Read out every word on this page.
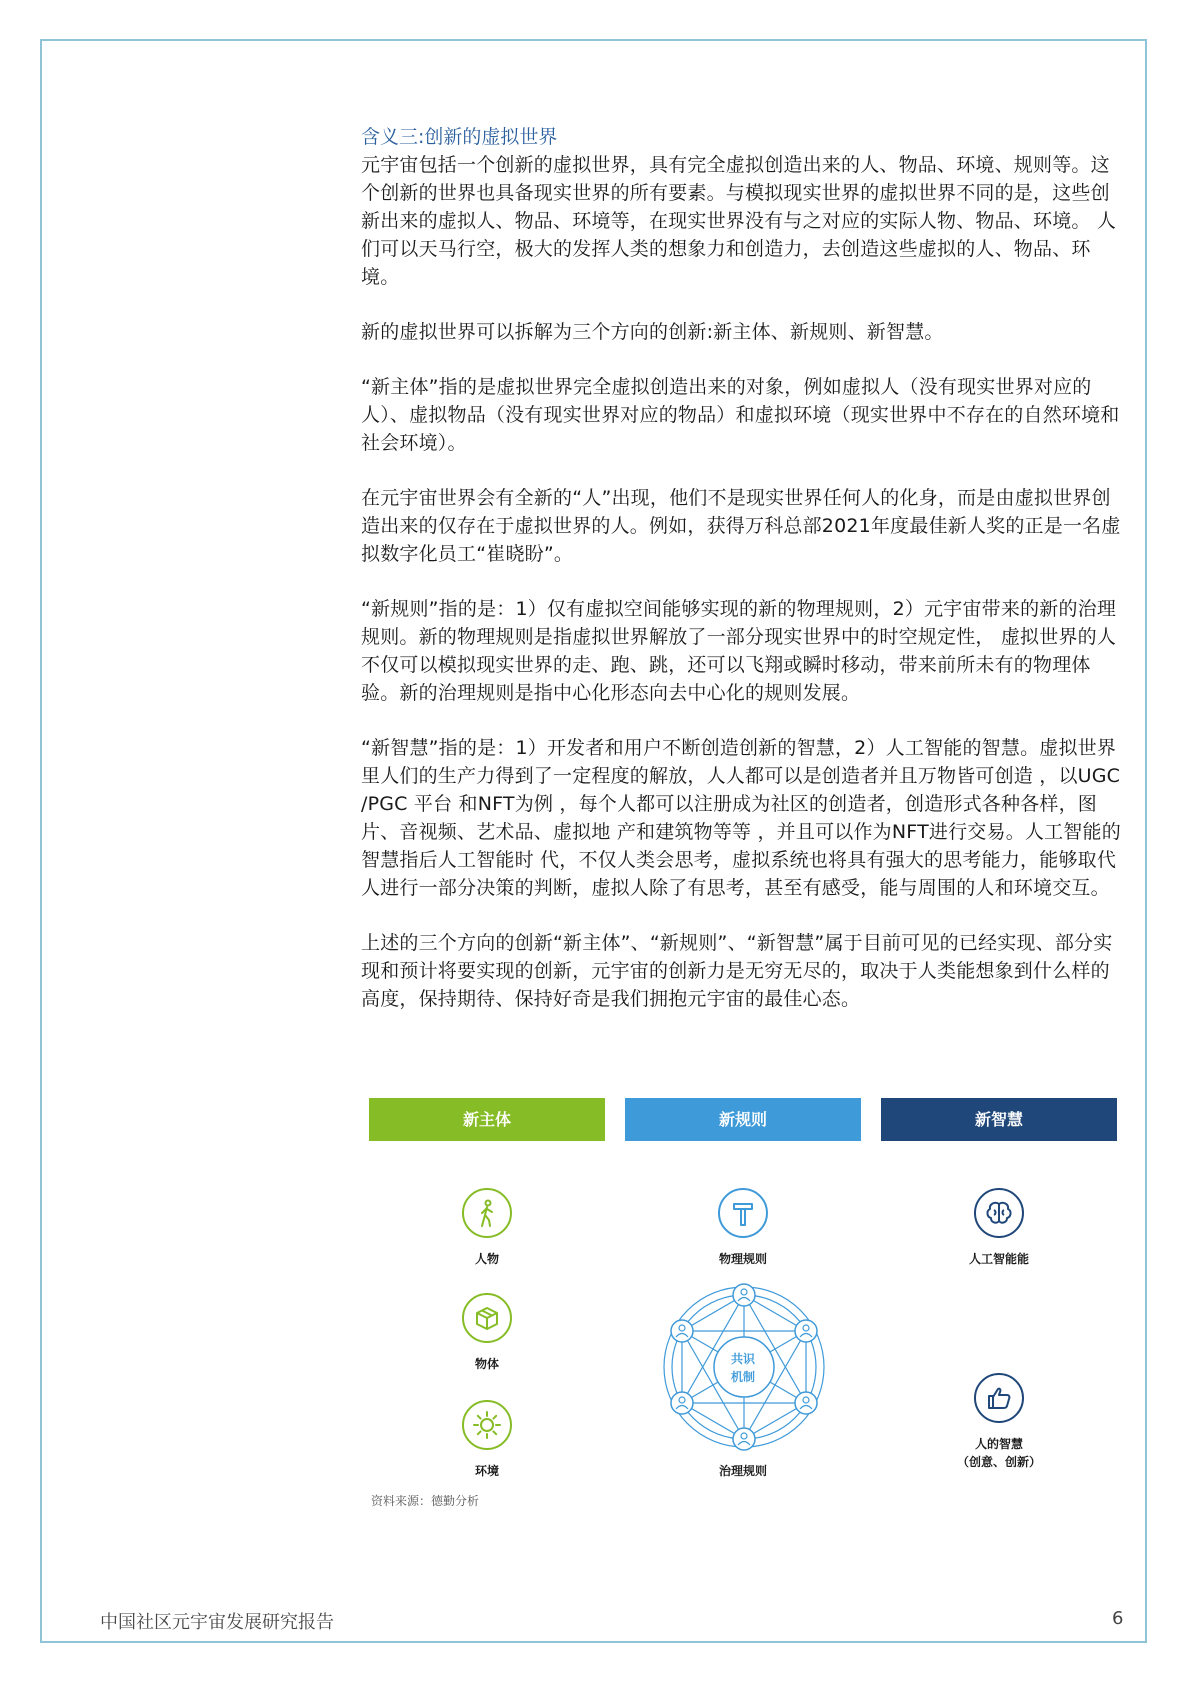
含义三:创新的虚拟世界

元宇宙包括一个创新的虚拟世界，具有完全虚拟创造出来的人、物品、环境、规则等。这个创新的世界也具备现实世界的所有要素。与模拟现实世界的虚拟世界不同的是，这些创新出来的虚拟人、物品、环境等，在现实世界没有与之对应的实际人物、物品、环境。 人们可以天马行空，极大的发挥人类的想象力和创造力，去创造这些虚拟的人、物品、环境。

新的虚拟世界可以拆解为三个方向的创新:新主体、新规则、新智慧。

“新主体”指的是虚拟世界完全虚拟创造出来的对象，例如虚拟人（没有现实世界对应的人）、虚拟物品（没有现实世界对应的物品）和虚拟环境（现实世界中不存在的自然环境和社会环境）。

在元宇宙世界会有全新的“人”出现，他们不是现实世界任何人的化身，而是由虚拟世界创造出来的仅存在于虚拟世界的人。例如，获得万科总部2021年度最佳新人奖的正是一名虚拟数字化员工“崔晓盼”。

“新规则”指的是：1）仅有虚拟空间能够实现的新的物理规则，2）元宇宙带来的新的治理规则。新的物理规则是指虚拟世界解放了一部分现实世界中的时空规定性， 虚拟世界的人不仅可以模拟现实世界的走、跑、跳，还可以飞翔或瞬时移动，带来前所未有的物理体验。新的治理规则是指中心化形态向去中心化的规则发展。

“新智慧”指的是：1）开发者和用户不断创造创新的智慧，2）人工智能的智慧。虚拟世界里人们的生产力得到了一定程度的解放，人人都可以是创造者并且万物皆可创造 ，以UGC /PGC 平台 和NFT为例 ，每个人都可以注册成为社区的创造者，创造形式各种各样，图片、音视频、艺术品、虚拟地 产和建筑物等等 ，并且可以作为NFT进行交易。人工智能的智慧指后人工智能时 代，不仅人类会思考，虚拟系统也将具有强大的思考能力，能够取代人进行一部分决策的判断，虚拟人除了有思考，甚至有感受，能与周围的人和环境交互。

上述的三个方向的创新“新主体”、“新规则”、“新智慧”属于目前可见的已经实现、部分实现和预计将要实现的创新，元宇宙的创新力是无穷无尽的，取决于人类能想象到什么样的高度，保持期待、保持好奇是我们拥抱元宇宙的最佳心态。

新主体	新规则	新智慧
人物
物体
环境
物理规则
共识
机制
治理规则
人工智能能
人的智慧
（创意、创新）
资料来源：德勤分析
中国社区元宇宙发展研究报告	6
